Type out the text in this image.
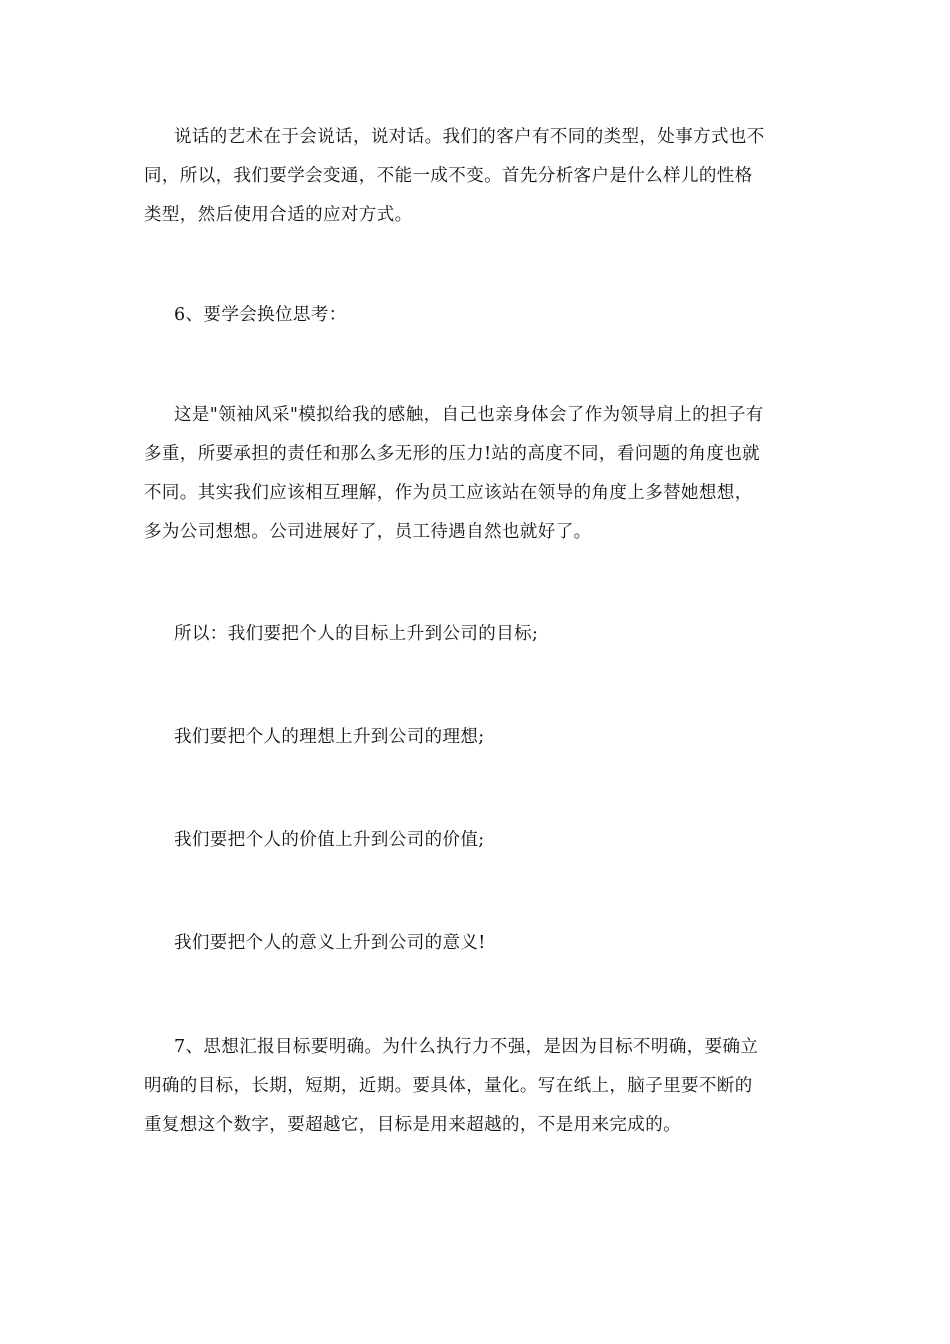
说话的艺术在于会说话，说对话。我们的客户有不同的类型，处事方式也不
同，所以，我们要学会变通，不能一成不变。首先分析客户是什么样儿的性格
类型，然后使用合适的应对方式。

6、要学会换位思考：

这是"领袖风采"模拟给我的感触，自己也亲身体会了作为领导肩上的担子有
多重，所要承担的责任和那么多无形的压力!站的高度不同，看问题的角度也就
不同。其实我们应该相互理解，作为员工应该站在领导的角度上多替她想想，
多为公司想想。公司进展好了，员工待遇自然也就好了。

所以：我们要把个人的目标上升到公司的目标;

我们要把个人的理想上升到公司的理想;

我们要把个人的价值上升到公司的价值;

我们要把个人的意义上升到公司的意义!

7、思想汇报目标要明确。为什么执行力不强，是因为目标不明确，要确立
明确的目标，长期，短期，近期。要具体，量化。写在纸上，脑子里要不断的
重复想这个数字，要超越它，目标是用来超越的，不是用来完成的。
